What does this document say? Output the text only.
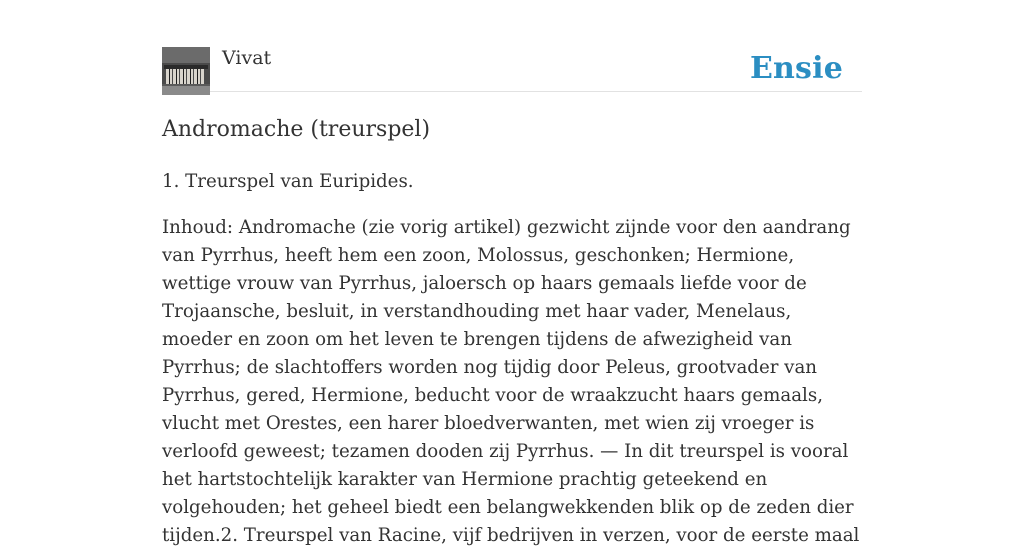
Vivat	Ensie
Andromache (treurspel)

1. Treurspel van Euripides.

Inhoud: Andromache (zie vorig artikel) gezwicht zijnde voor den aandrang van Pyrrhus, heeft hem een zoon, Molossus, geschonken; Hermione, wettige vrouw van Pyrrhus, jaloersch op haars gemaals liefde voor de Trojaansche, besluit, in verstandhouding met haar vader, Menelaus, moeder en zoon om het leven te brengen tijdens de afwezigheid van Pyrrhus; de slachtoffers worden nog tijdig door Peleus, grootvader van Pyrrhus, gered, Hermione, beducht voor de wraakzucht haars gemaals, vlucht met Orestes, een harer bloedverwanten, met wien zij vroeger is verloofd geweest; tezamen dooden zij Pyrrhus. — In dit treurspel is vooral het hartstochtelijk karakter van Hermione prachtig geteekend en volgehouden; het geheel biedt een belangwekkenden blik op de zeden dier tijden.2. Treurspel van Racine, vijf bedrijven in verzen, voor de eerste maal
